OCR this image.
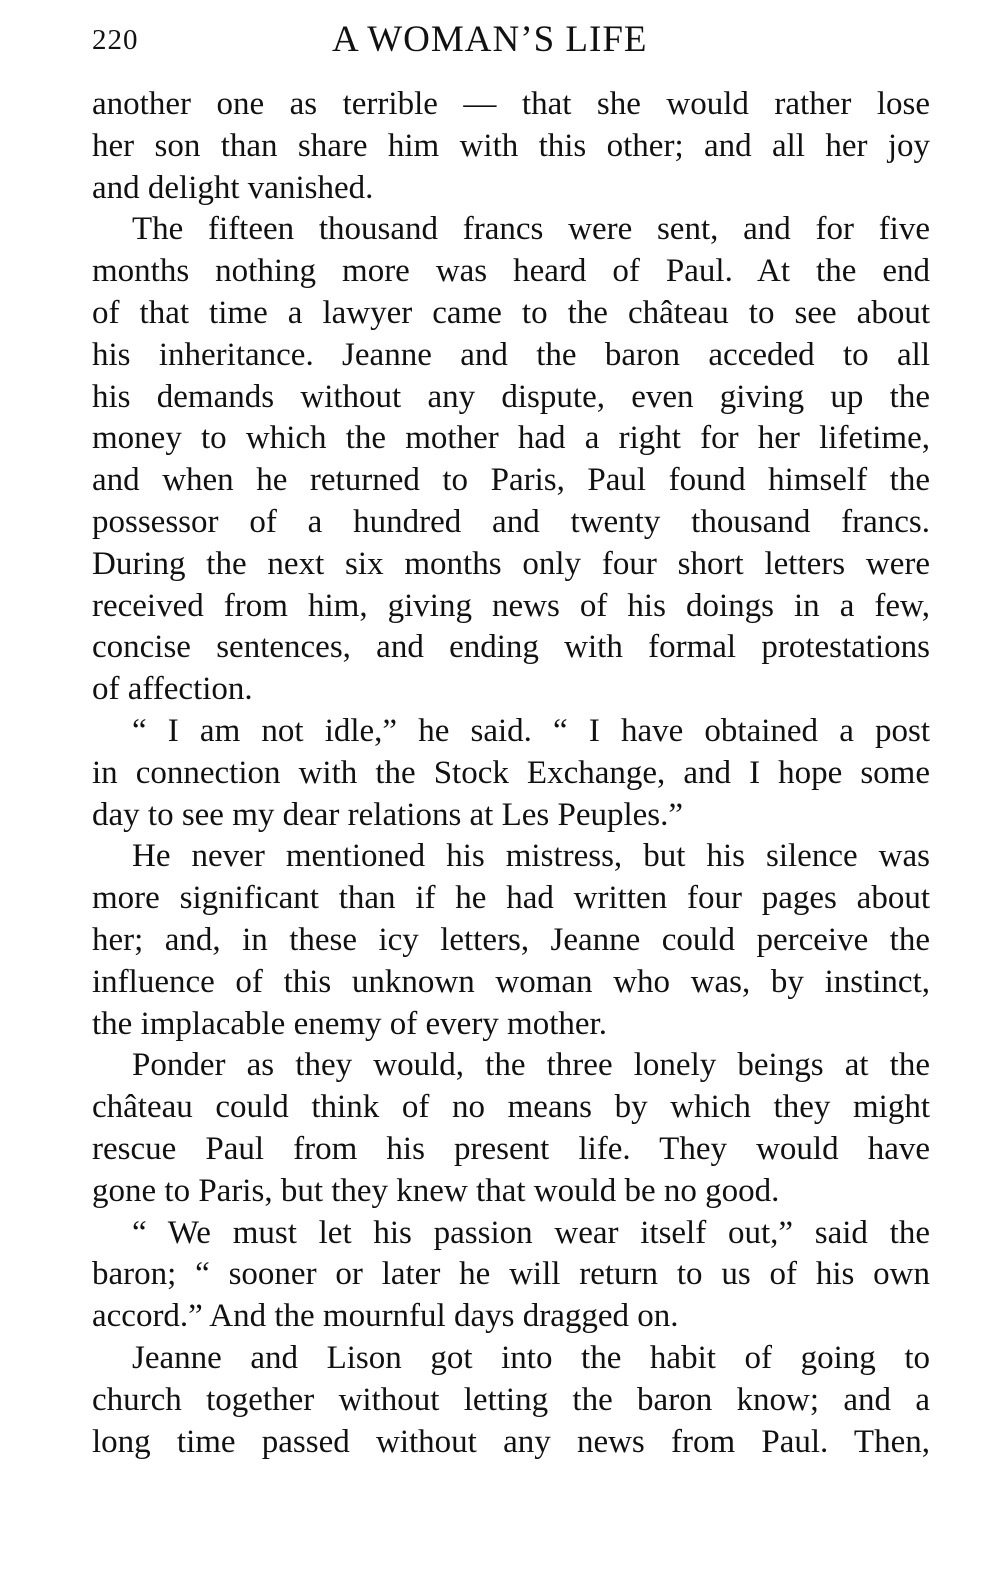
220	A WOMAN’S LIFE
another one as terrible — that she would rather lose
her son than share him with this other; and all her joy
and delight vanished.
The fifteen thousand francs were sent, and for five
months nothing more was heard of Paul. At the end
of that time a lawyer came to the château to see about
his inheritance. Jeanne and the baron acceded to all
his demands without any dispute, even giving up the
money to which the mother had a right for her lifetime,
and when he returned to Paris, Paul found himself the
possessor of a hundred and twenty thousand francs.
During the next six months only four short letters were
received from him, giving news of his doings in a few,
concise sentences, and ending with formal protestations
of affection.
“ I am not idle,” he said. “ I have obtained a post
in connection with the Stock Exchange, and I hope some
day to see my dear relations at Les Peuples.”
He never mentioned his mistress, but his silence was
more significant than if he had written four pages about
her; and, in these icy letters, Jeanne could perceive the
influence of this unknown woman who was, by instinct,
the implacable enemy of every mother.
Ponder as they would, the three lonely beings at the
château could think of no means by which they might
rescue Paul from his present life. They would have
gone to Paris, but they knew that would be no good.
“ We must let his passion wear itself out,” said the
baron; “ sooner or later he will return to us of his own
accord.” And the mournful days dragged on.
Jeanne and Lison got into the habit of going to
church together without letting the baron know; and a
long time passed without any news from Paul. Then,
